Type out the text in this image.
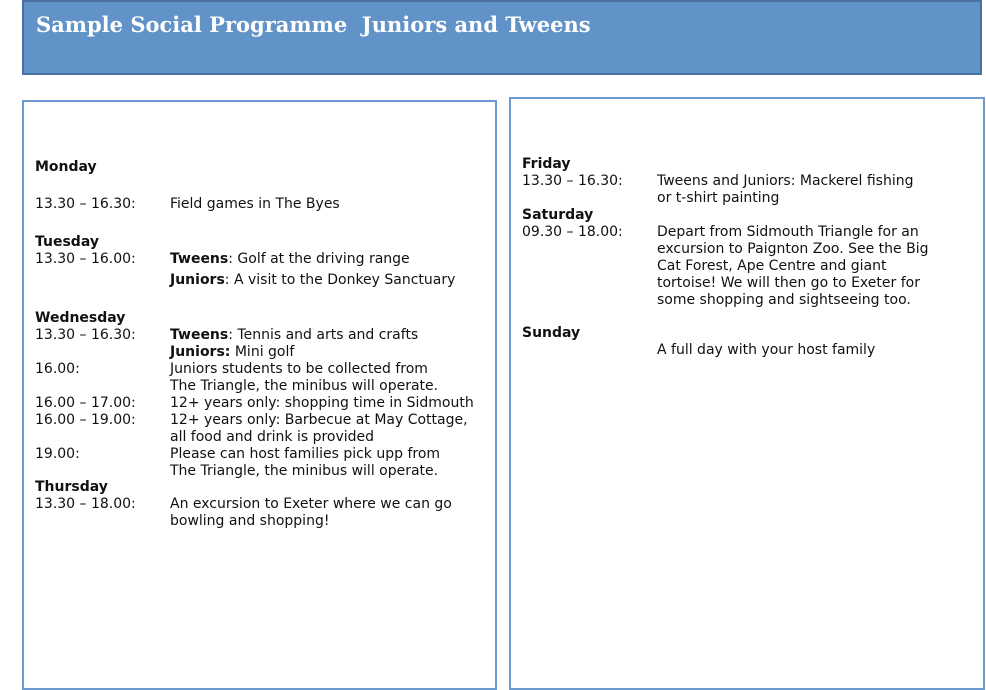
Sample Social Programme  Juniors and Tweens
Monday
13.30 – 16.30: Field games in The Byes
Tuesday
13.30 – 16.00: Tweens: Golf at the driving range
Juniors: A visit to the Donkey Sanctuary
Wednesday
13.30 – 16.30: Tweens: Tennis and arts and crafts
Juniors: Mini golf
16.00:	Juniors students to be collected from
The Triangle, the minibus will operate.
16.00 – 17.00: 12+ years only: shopping time in Sidmouth
16.00 – 19.00: 12+ years only: Barbecue at May Cottage,
all food and drink is provided
19.00:	Please can host families pick upp from
The Triangle, the minibus will operate.
Thursday
13.30 – 18.00: An excursion to Exeter where we can go
bowling and shopping!
Friday
13.30 – 16.30: Tweens and Juniors: Mackerel fishing
or t-shirt painting
Saturday
09.30 – 18.00: Depart from Sidmouth Triangle for an
excursion to Paignton Zoo. See the Big
Cat Forest, Ape Centre and giant
tortoise! We will then go to Exeter for
some shopping and sightseeing too.
Sunday
A full day with your host family
